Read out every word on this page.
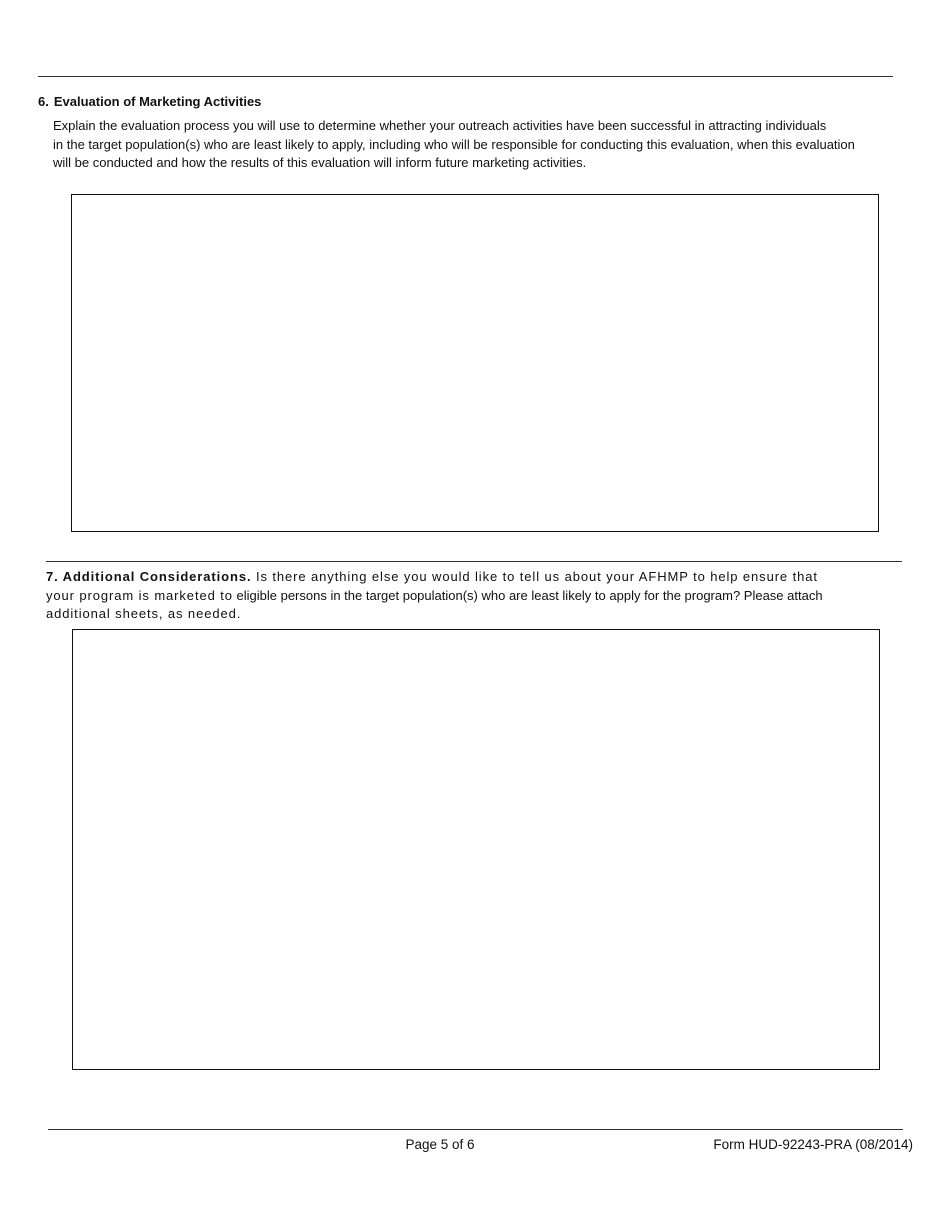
6. Evaluation of Marketing Activities
Explain the evaluation process you will use to determine whether your outreach activities have been successful in attracting individuals
in the target population(s) who are least likely to apply, including who will be responsible for conducting this evaluation, when this evaluation
will be conducted and how the results of this evaluation will inform future marketing activities.
7. Additional Considerations. Is there anything else you would like to tell us about your AFHMP to help ensure that
your program is marketed to eligible persons in the target population(s) who are least likely to apply for the program? Please attach
additional sheets, as needed.
Page 5 of 6	Form HUD-92243-PRA (08/2014)
